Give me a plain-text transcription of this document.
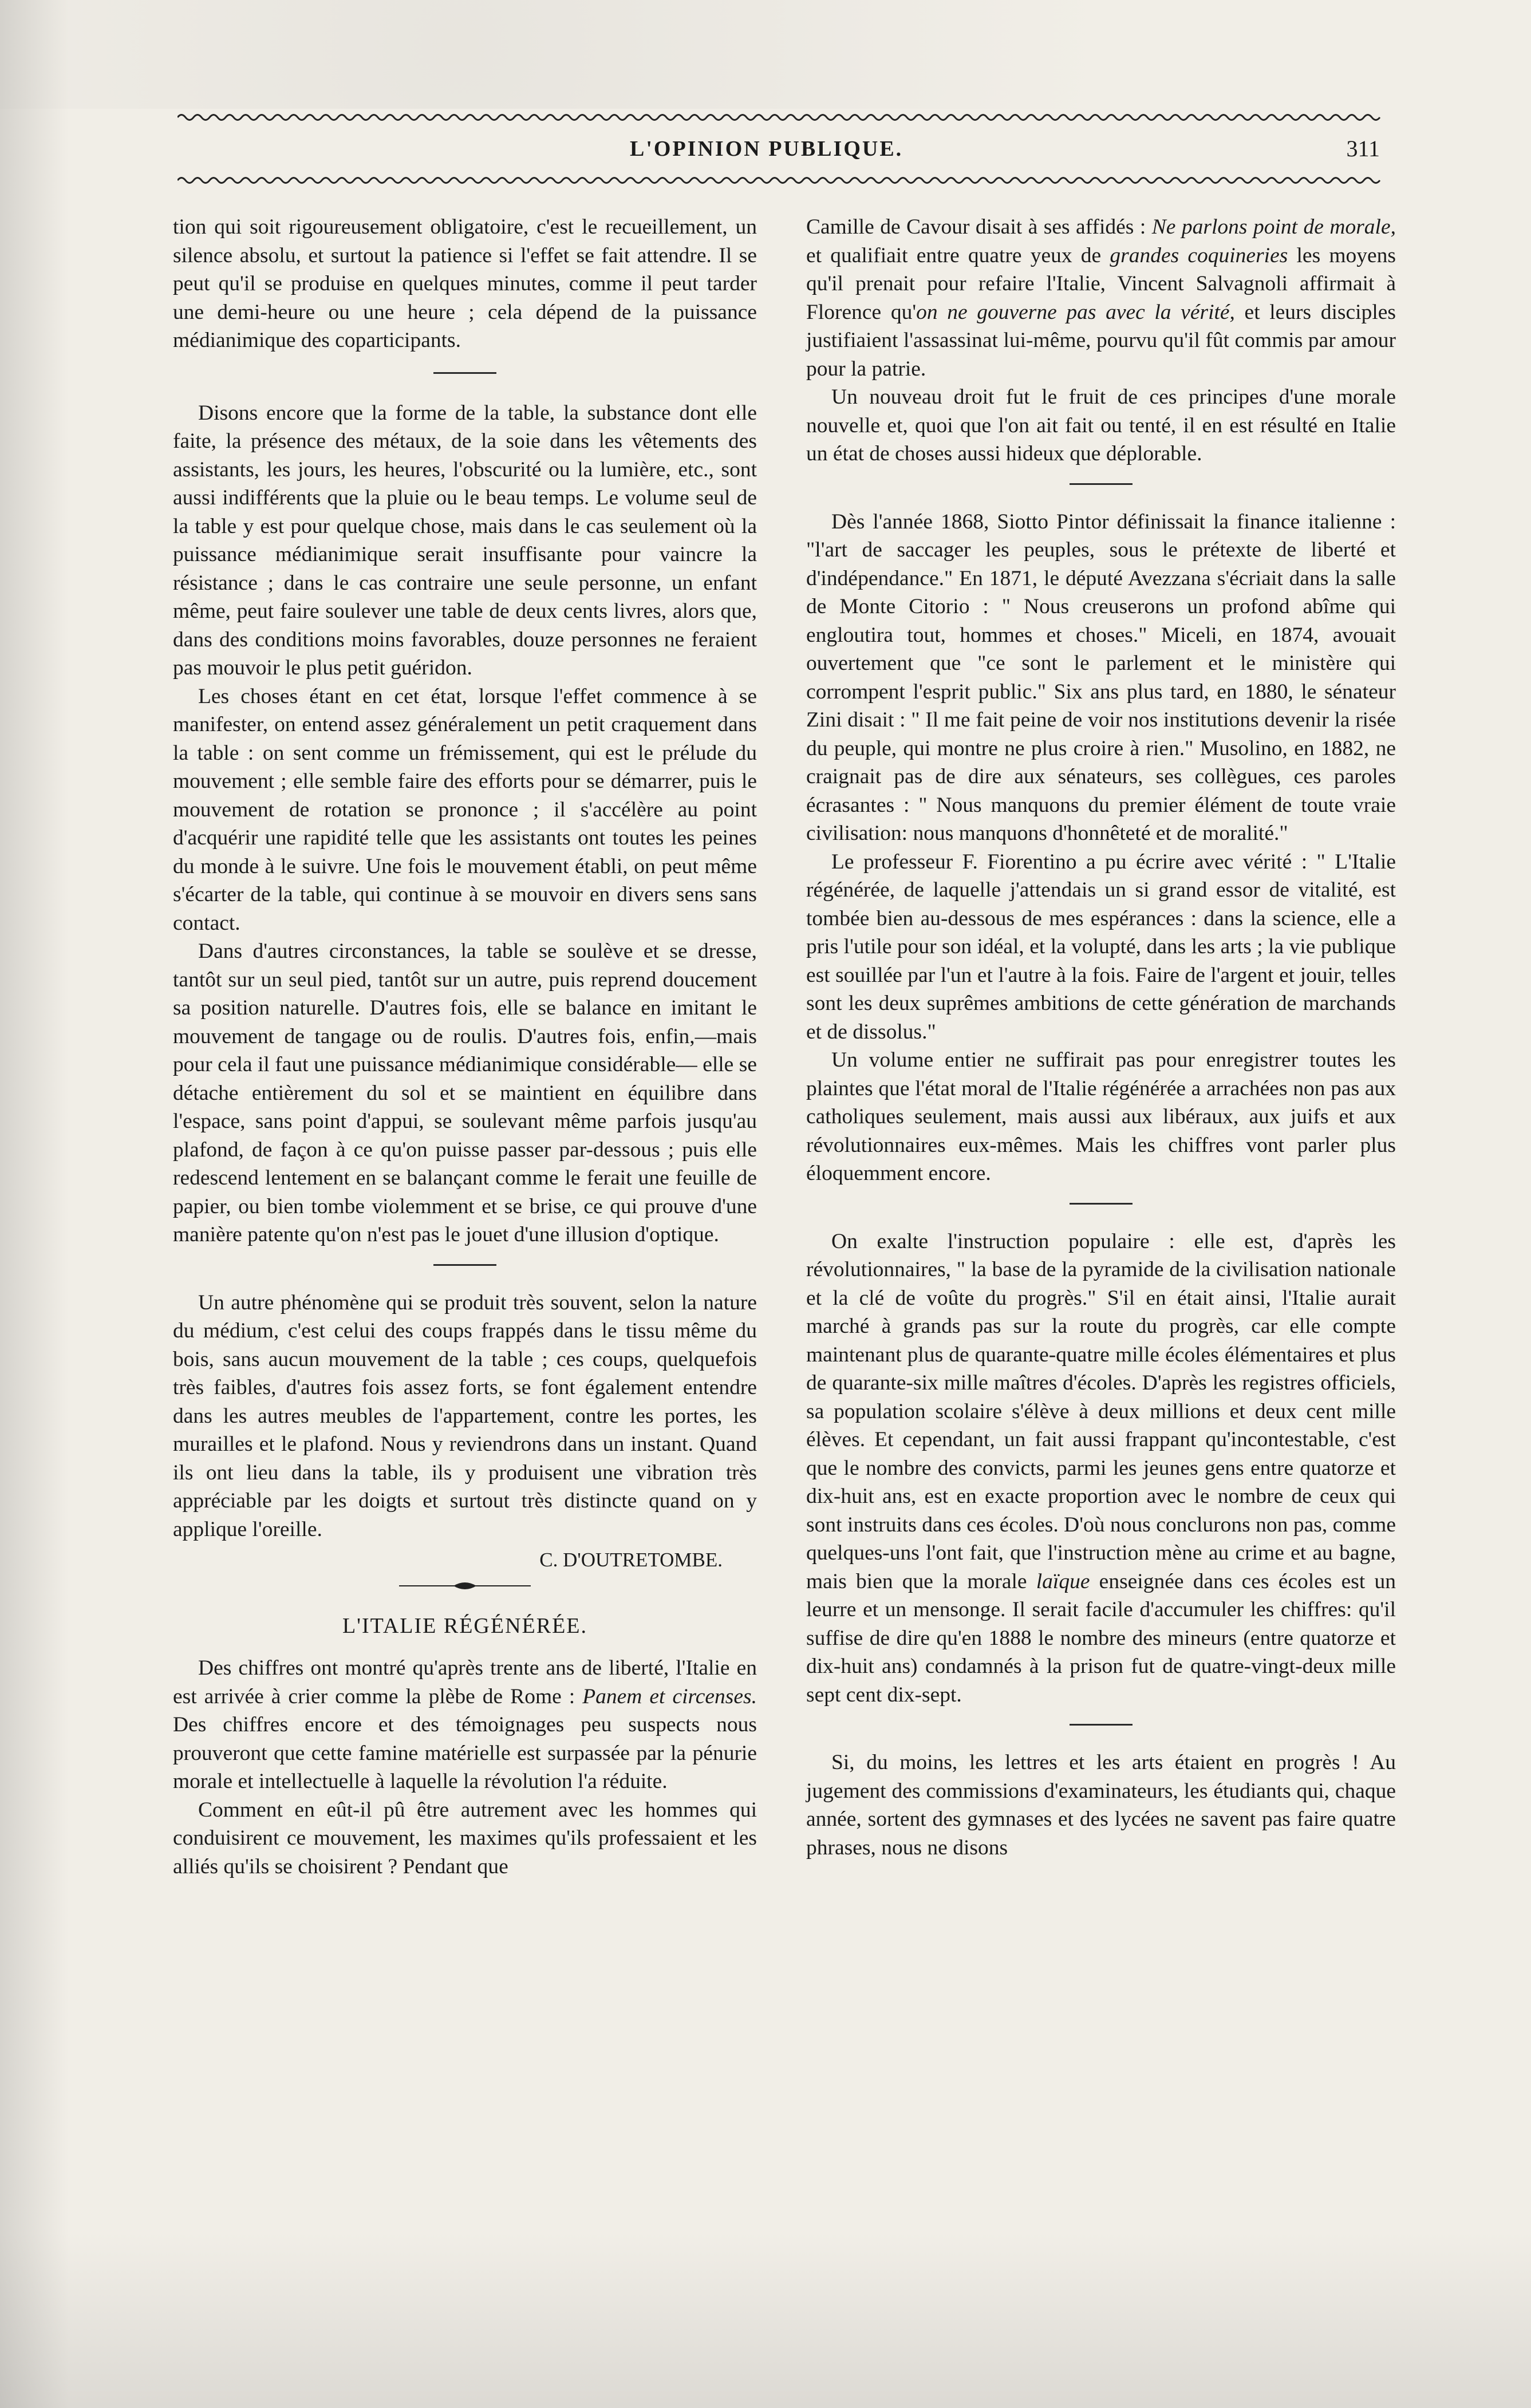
L'OPINION PUBLIQUE.	311

tion qui soit rigoureusement obligatoire, c'est le recueillement, un silence absolu, et surtout la patience si l'effet se fait attendre. Il se peut qu'il se produise en quelques minutes, comme il peut tarder une demi-heure ou une heure ; cela dépend de la puissance médianimique des coparticipants.

Disons encore que la forme de la table, la substance dont elle faite, la présence des métaux, de la soie dans les vêtements des assistants, les jours, les heures, l'obscurité ou la lumière, etc., sont aussi indifférents que la pluie ou le beau temps. Le volume seul de la table y est pour quelque chose, mais dans le cas seulement où la puissance médianimique serait insuffisante pour vaincre la résistance ; dans le cas contraire une seule personne, un enfant même, peut faire soulever une table de deux cents livres, alors que, dans des conditions moins favorables, douze personnes ne feraient pas mouvoir le plus petit guéridon.

Les choses étant en cet état, lorsque l'effet commence à se manifester, on entend assez généralement un petit craquement dans la table : on sent comme un frémissement, qui est le prélude du mouvement ; elle semble faire des efforts pour se démarrer, puis le mouvement de rotation se prononce ; il s'accélère au point d'acquérir une rapidité telle que les assistants ont toutes les peines du monde à le suivre. Une fois le mouvement établi, on peut même s'écarter de la table, qui continue à se mouvoir en divers sens sans contact.

Dans d'autres circonstances, la table se soulève et se dresse, tantôt sur un seul pied, tantôt sur un autre, puis reprend doucement sa position naturelle. D'autres fois, elle se balance en imitant le mouvement de tangage ou de roulis. D'autres fois, enfin,—mais pour cela il faut une puissance médianimique considérable— elle se détache entièrement du sol et se maintient en équilibre dans l'espace, sans point d'appui, se soulevant même parfois jusqu'au plafond, de façon à ce qu'on puisse passer par-dessous ; puis elle redescend lentement en se balançant comme le ferait une feuille de papier, ou bien tombe violemment et se brise, ce qui prouve d'une manière patente qu'on n'est pas le jouet d'une illusion d'optique.

Un autre phénomène qui se produit très souvent, selon la nature du médium, c'est celui des coups frappés dans le tissu même du bois, sans aucun mouvement de la table ; ces coups, quelquefois très faibles, d'autres fois assez forts, se font également entendre dans les autres meubles de l'appartement, contre les portes, les murailles et le plafond. Nous y reviendrons dans un instant. Quand ils ont lieu dans la table, ils y produisent une vibration très appréciable par les doigts et surtout très distincte quand on y applique l'oreille.

C. D'OUTRETOMBE.
L'ITALIE RÉGÉNÉRÉE.

Des chiffres ont montré qu'après trente ans de liberté, l'Italie en est arrivée à crier comme la plèbe de Rome : Panem et circenses. Des chiffres encore et des témoignages peu suspects nous prouveront que cette famine matérielle est surpassée par la pénurie morale et intellectuelle à laquelle la révolution l'a réduite.

Comment en eût-il pû être autrement avec les hommes qui conduisirent ce mouvement, les maximes qu'ils professaient et les alliés qu'ils se choisirent ? Pendant que

Camille de Cavour disait à ses affidés : Ne parlons point de morale, et qualifiait entre quatre yeux de grandes coquineries les moyens qu'il prenait pour refaire l'Italie, Vincent Salvagnoli affirmait à Florence qu'on ne gouverne pas avec la vérité, et leurs disciples justifiaient l'assassinat lui-même, pourvu qu'il fût commis par amour pour la patrie.

Un nouveau droit fut le fruit de ces principes d'une morale nouvelle et, quoi que l'on ait fait ou tenté, il en est résulté en Italie un état de choses aussi hideux que déplorable.

Dès l'année 1868, Siotto Pintor définissait la finance italienne : "l'art de saccager les peuples, sous le prétexte de liberté et d'indépendance." En 1871, le député Avezzana s'écriait dans la salle de Monte Citorio : " Nous creuserons un profond abîme qui engloutira tout, hommes et choses." Miceli, en 1874, avouait ouvertement que "ce sont le parlement et le ministère qui corrompent l'esprit public." Six ans plus tard, en 1880, le sénateur Zini disait : " Il me fait peine de voir nos institutions devenir la risée du peuple, qui montre ne plus croire à rien." Musolino, en 1882, ne craignait pas de dire aux sénateurs, ses collègues, ces paroles écrasantes : " Nous manquons du premier élément de toute vraie civilisation: nous manquons d'honnêteté et de moralité."

Le professeur F. Fiorentino a pu écrire avec vérité : " L'Italie régénérée, de laquelle j'attendais un si grand essor de vitalité, est tombée bien au-dessous de mes espérances : dans la science, elle a pris l'utile pour son idéal, et la volupté, dans les arts ; la vie publique est souillée par l'un et l'autre à la fois. Faire de l'argent et jouir, telles sont les deux suprêmes ambitions de cette génération de marchands et de dissolus."

Un volume entier ne suffirait pas pour enregistrer toutes les plaintes que l'état moral de l'Italie régénérée a arrachées non pas aux catholiques seulement, mais aussi aux libéraux, aux juifs et aux révolutionnaires eux-mêmes. Mais les chiffres vont parler plus éloquemment encore.

On exalte l'instruction populaire : elle est, d'après les révolutionnaires, " la base de la pyramide de la civilisation nationale et la clé de voûte du progrès." S'il en était ainsi, l'Italie aurait marché à grands pas sur la route du progrès, car elle compte maintenant plus de quarante-quatre mille écoles élémentaires et plus de quarante-six mille maîtres d'écoles. D'après les registres officiels, sa population scolaire s'élève à deux millions et deux cent mille élèves. Et cependant, un fait aussi frappant qu'incontestable, c'est que le nombre des convicts, parmi les jeunes gens entre quatorze et dix-huit ans, est en exacte proportion avec le nombre de ceux qui sont instruits dans ces écoles. D'où nous conclurons non pas, comme quelques-uns l'ont fait, que l'instruction mène au crime et au bagne, mais bien que la morale laïque enseignée dans ces écoles est un leurre et un mensonge. Il serait facile d'accumuler les chiffres: qu'il suffise de dire qu'en 1888 le nombre des mineurs (entre quatorze et dix-huit ans) condamnés à la prison fut de quatre-vingt-deux mille sept cent dix-sept.

Si, du moins, les lettres et les arts étaient en progrès ! Au jugement des commissions d'examinateurs, les étudiants qui, chaque année, sortent des gymnases et des lycées ne savent pas faire quatre phrases, nous ne disons
